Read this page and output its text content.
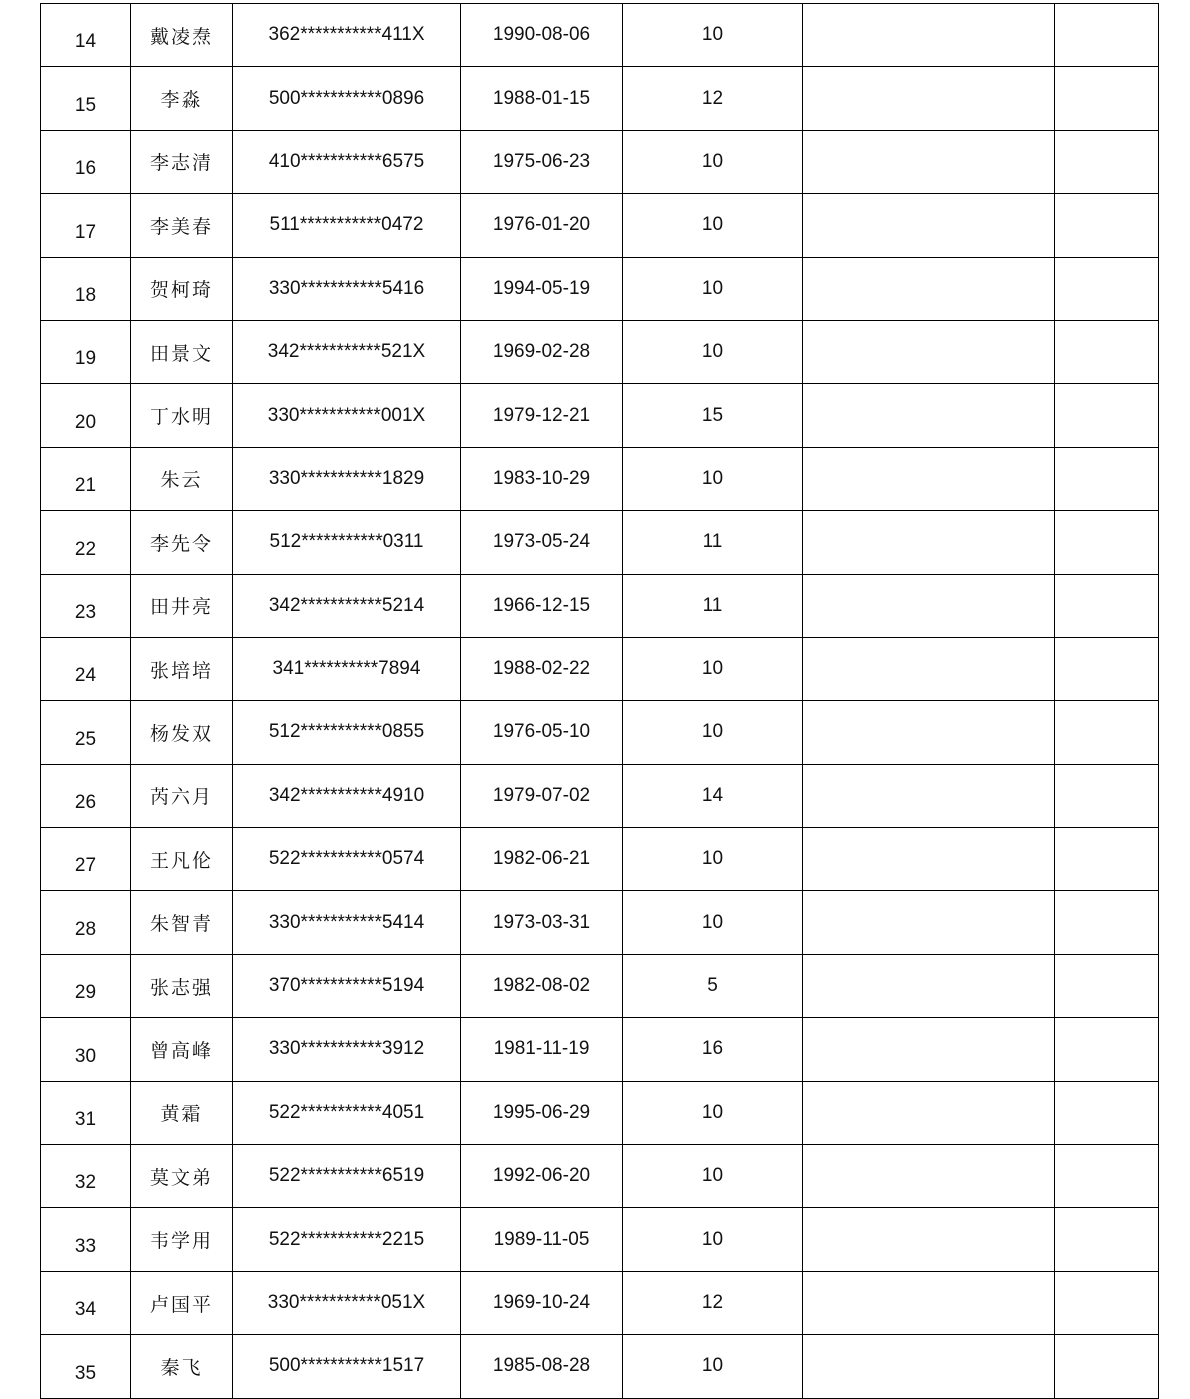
14	戴凌焘	362***********411X	1990-08-06	10		
15	李淼	500***********0896	1988-01-15	12		
16	李志清	410***********6575	1975-06-23	10		
17	李美春	511***********0472	1976-01-20	10		
18	贺柯琦	330***********5416	1994-05-19	10		
19	田景文	342***********521X	1969-02-28	10		
20	丁水明	330***********001X	1979-12-21	15		
21	朱云	330***********1829	1983-10-29	10		
22	李先令	512***********0311	1973-05-24	11		
23	田井亮	342***********5214	1966-12-15	11		
24	张培培	341**********7894	1988-02-22	10		
25	杨发双	512***********0855	1976-05-10	10		
26	芮六月	342***********4910	1979-07-02	14		
27	王凡伦	522***********0574	1982-06-21	10		
28	朱智青	330***********5414	1973-03-31	10		
29	张志强	370***********5194	1982-08-02	5		
30	曾高峰	330***********3912	1981-11-19	16		
31	黄霜	522***********4051	1995-06-29	10		
32	莫文弟	522***********6519	1992-06-20	10		
33	韦学用	522***********2215	1989-11-05	10		
34	卢国平	330***********051X	1969-10-24	12		
35	秦飞	500***********1517	1985-08-28	10		
